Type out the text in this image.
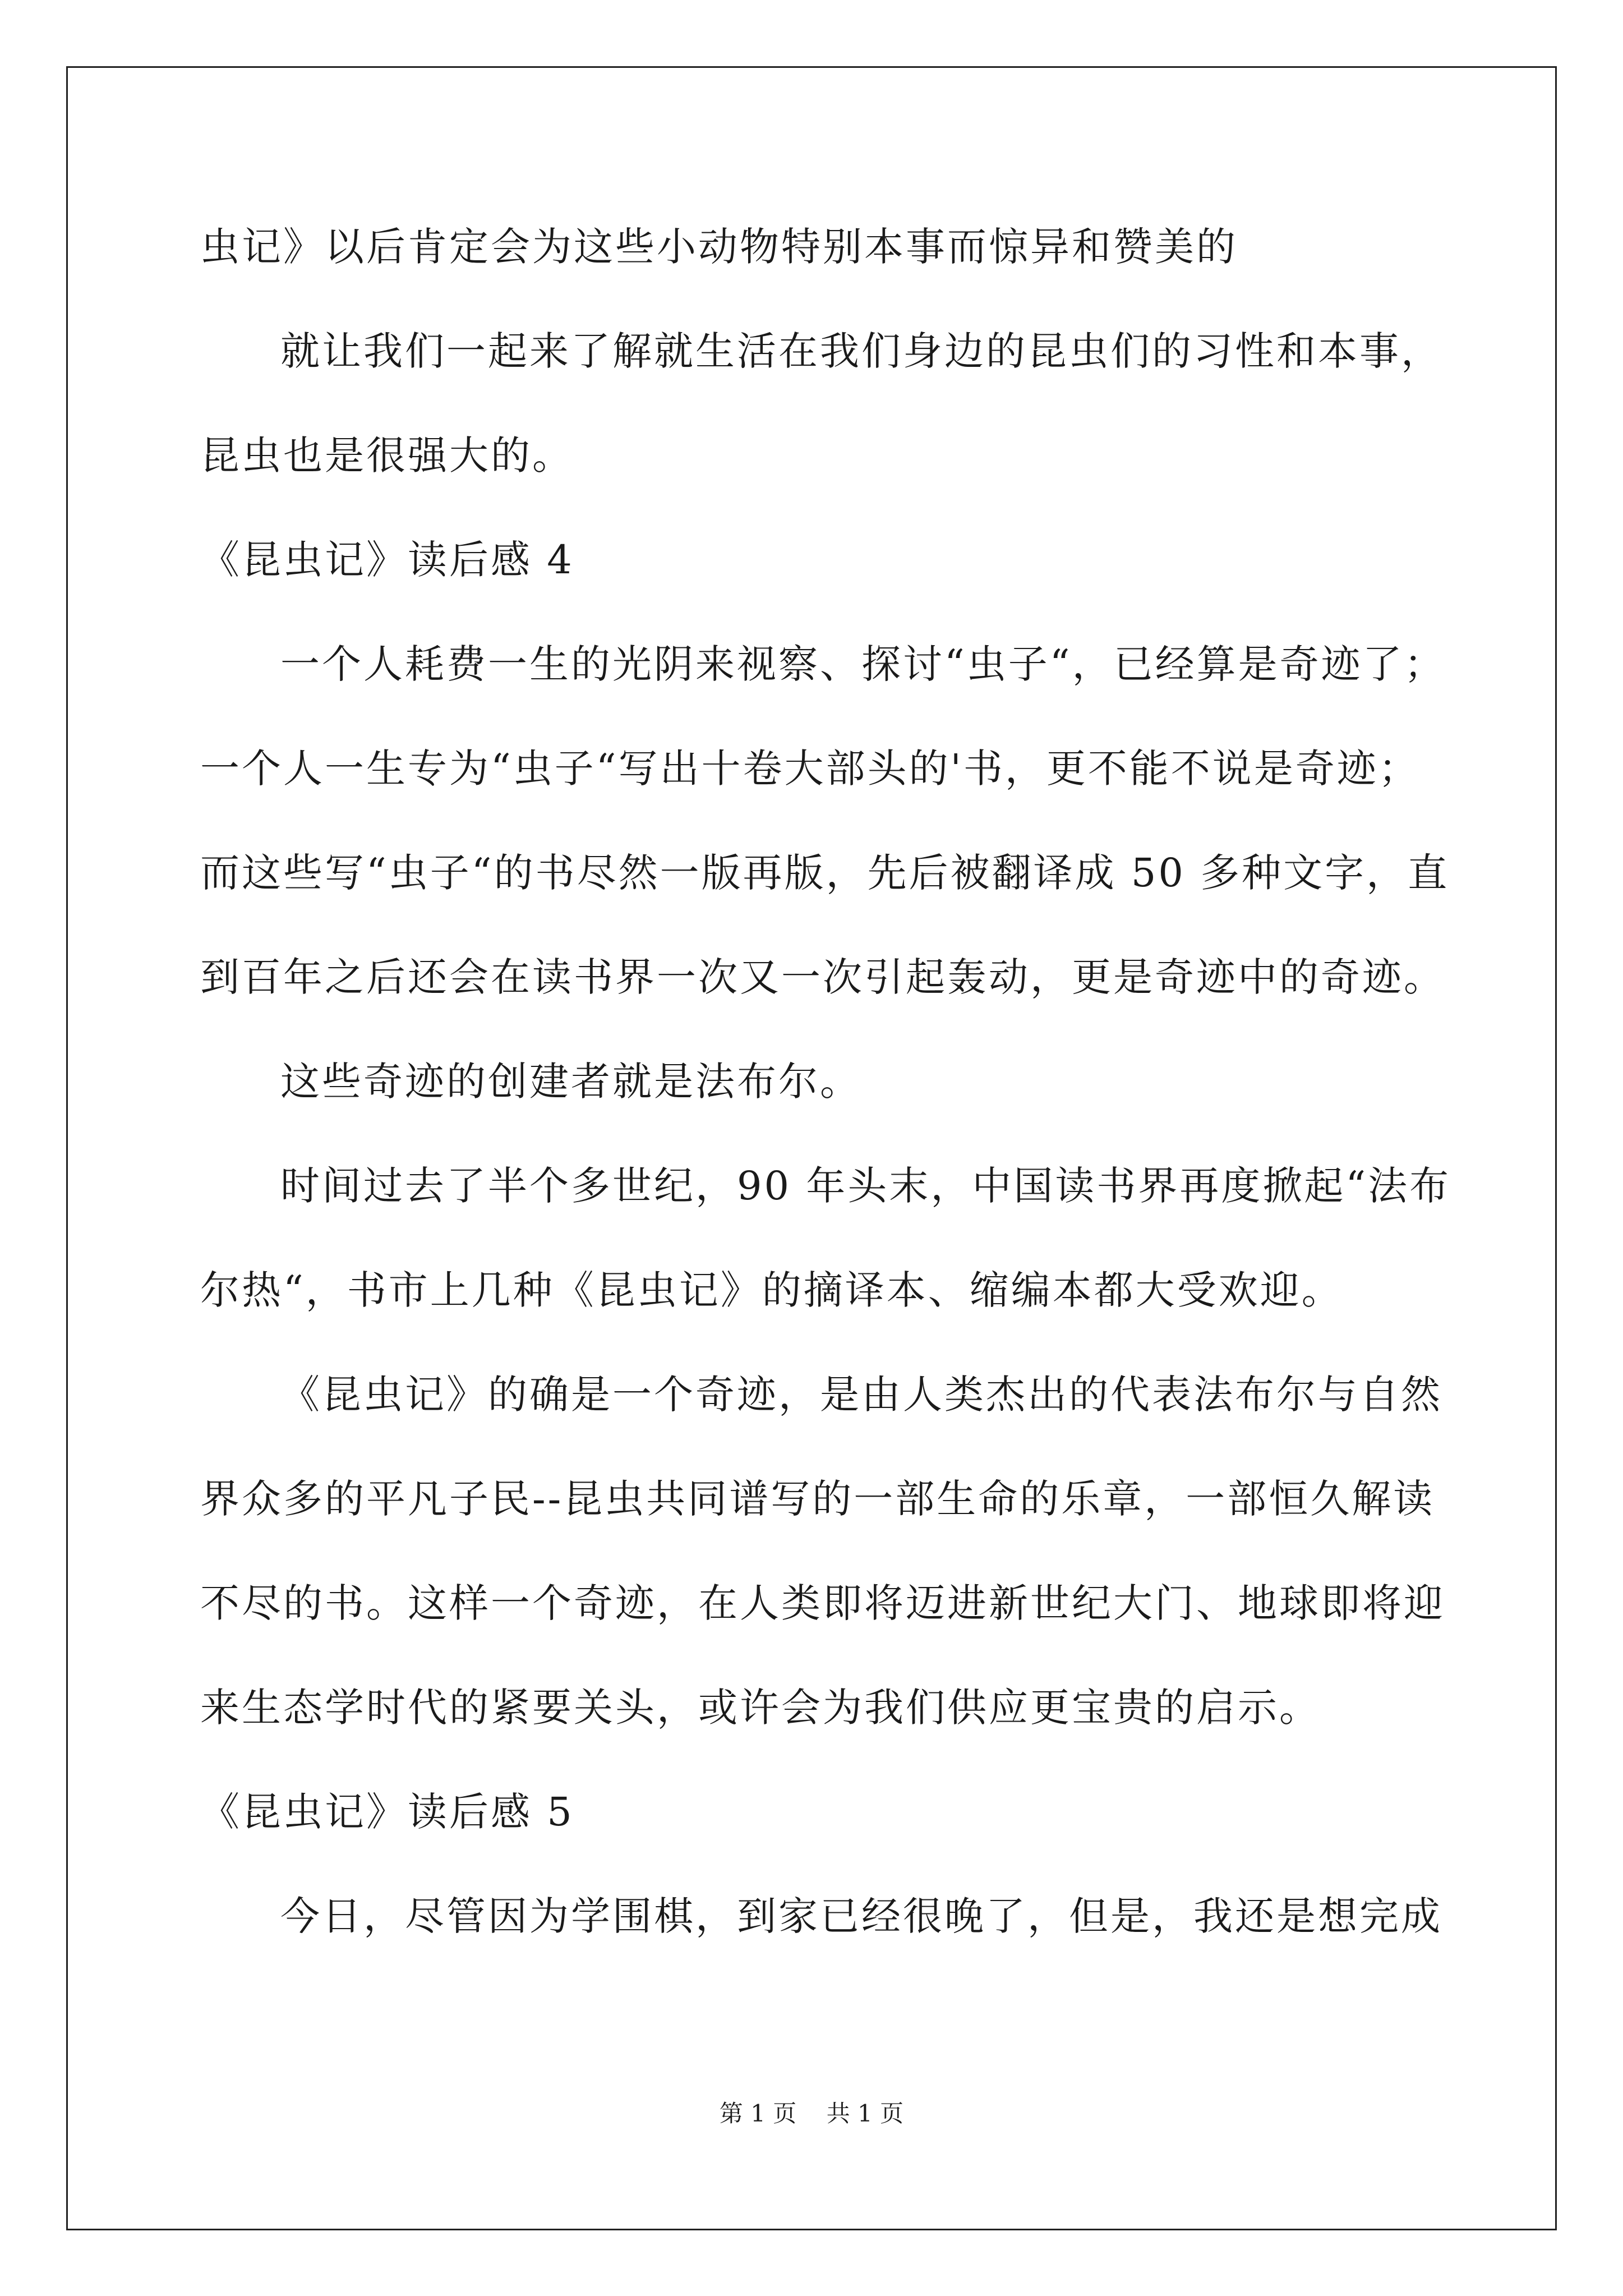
虫记》以后肯定会为这些小动物特别本事而惊异和赞美的
就让我们一起来了解就生活在我们身边的昆虫们的习性和本事，
昆虫也是很强大的。
《昆虫记》读后感 4
一个人耗费一生的光阴来视察、探讨“虫子“，已经算是奇迹了；
一个人一生专为“虫子“写出十卷大部头的'书，更不能不说是奇迹；
而这些写“虫子“的书尽然一版再版，先后被翻译成 50 多种文字，直
到百年之后还会在读书界一次又一次引起轰动，更是奇迹中的奇迹。
这些奇迹的创建者就是法布尔。
时间过去了半个多世纪，90 年头末，中国读书界再度掀起“法布
尔热“，书市上几种《昆虫记》的摘译本、缩编本都大受欢迎。
《昆虫记》的确是一个奇迹，是由人类杰出的代表法布尔与自然
界众多的平凡子民--昆虫共同谱写的一部生命的乐章，一部恒久解读
不尽的书。这样一个奇迹，在人类即将迈进新世纪大门、地球即将迎
来生态学时代的紧要关头，或许会为我们供应更宝贵的启示。
《昆虫记》读后感 5
今日，尽管因为学围棋，到家已经很晚了，但是，我还是想完成
第 1 页    共 1 页
